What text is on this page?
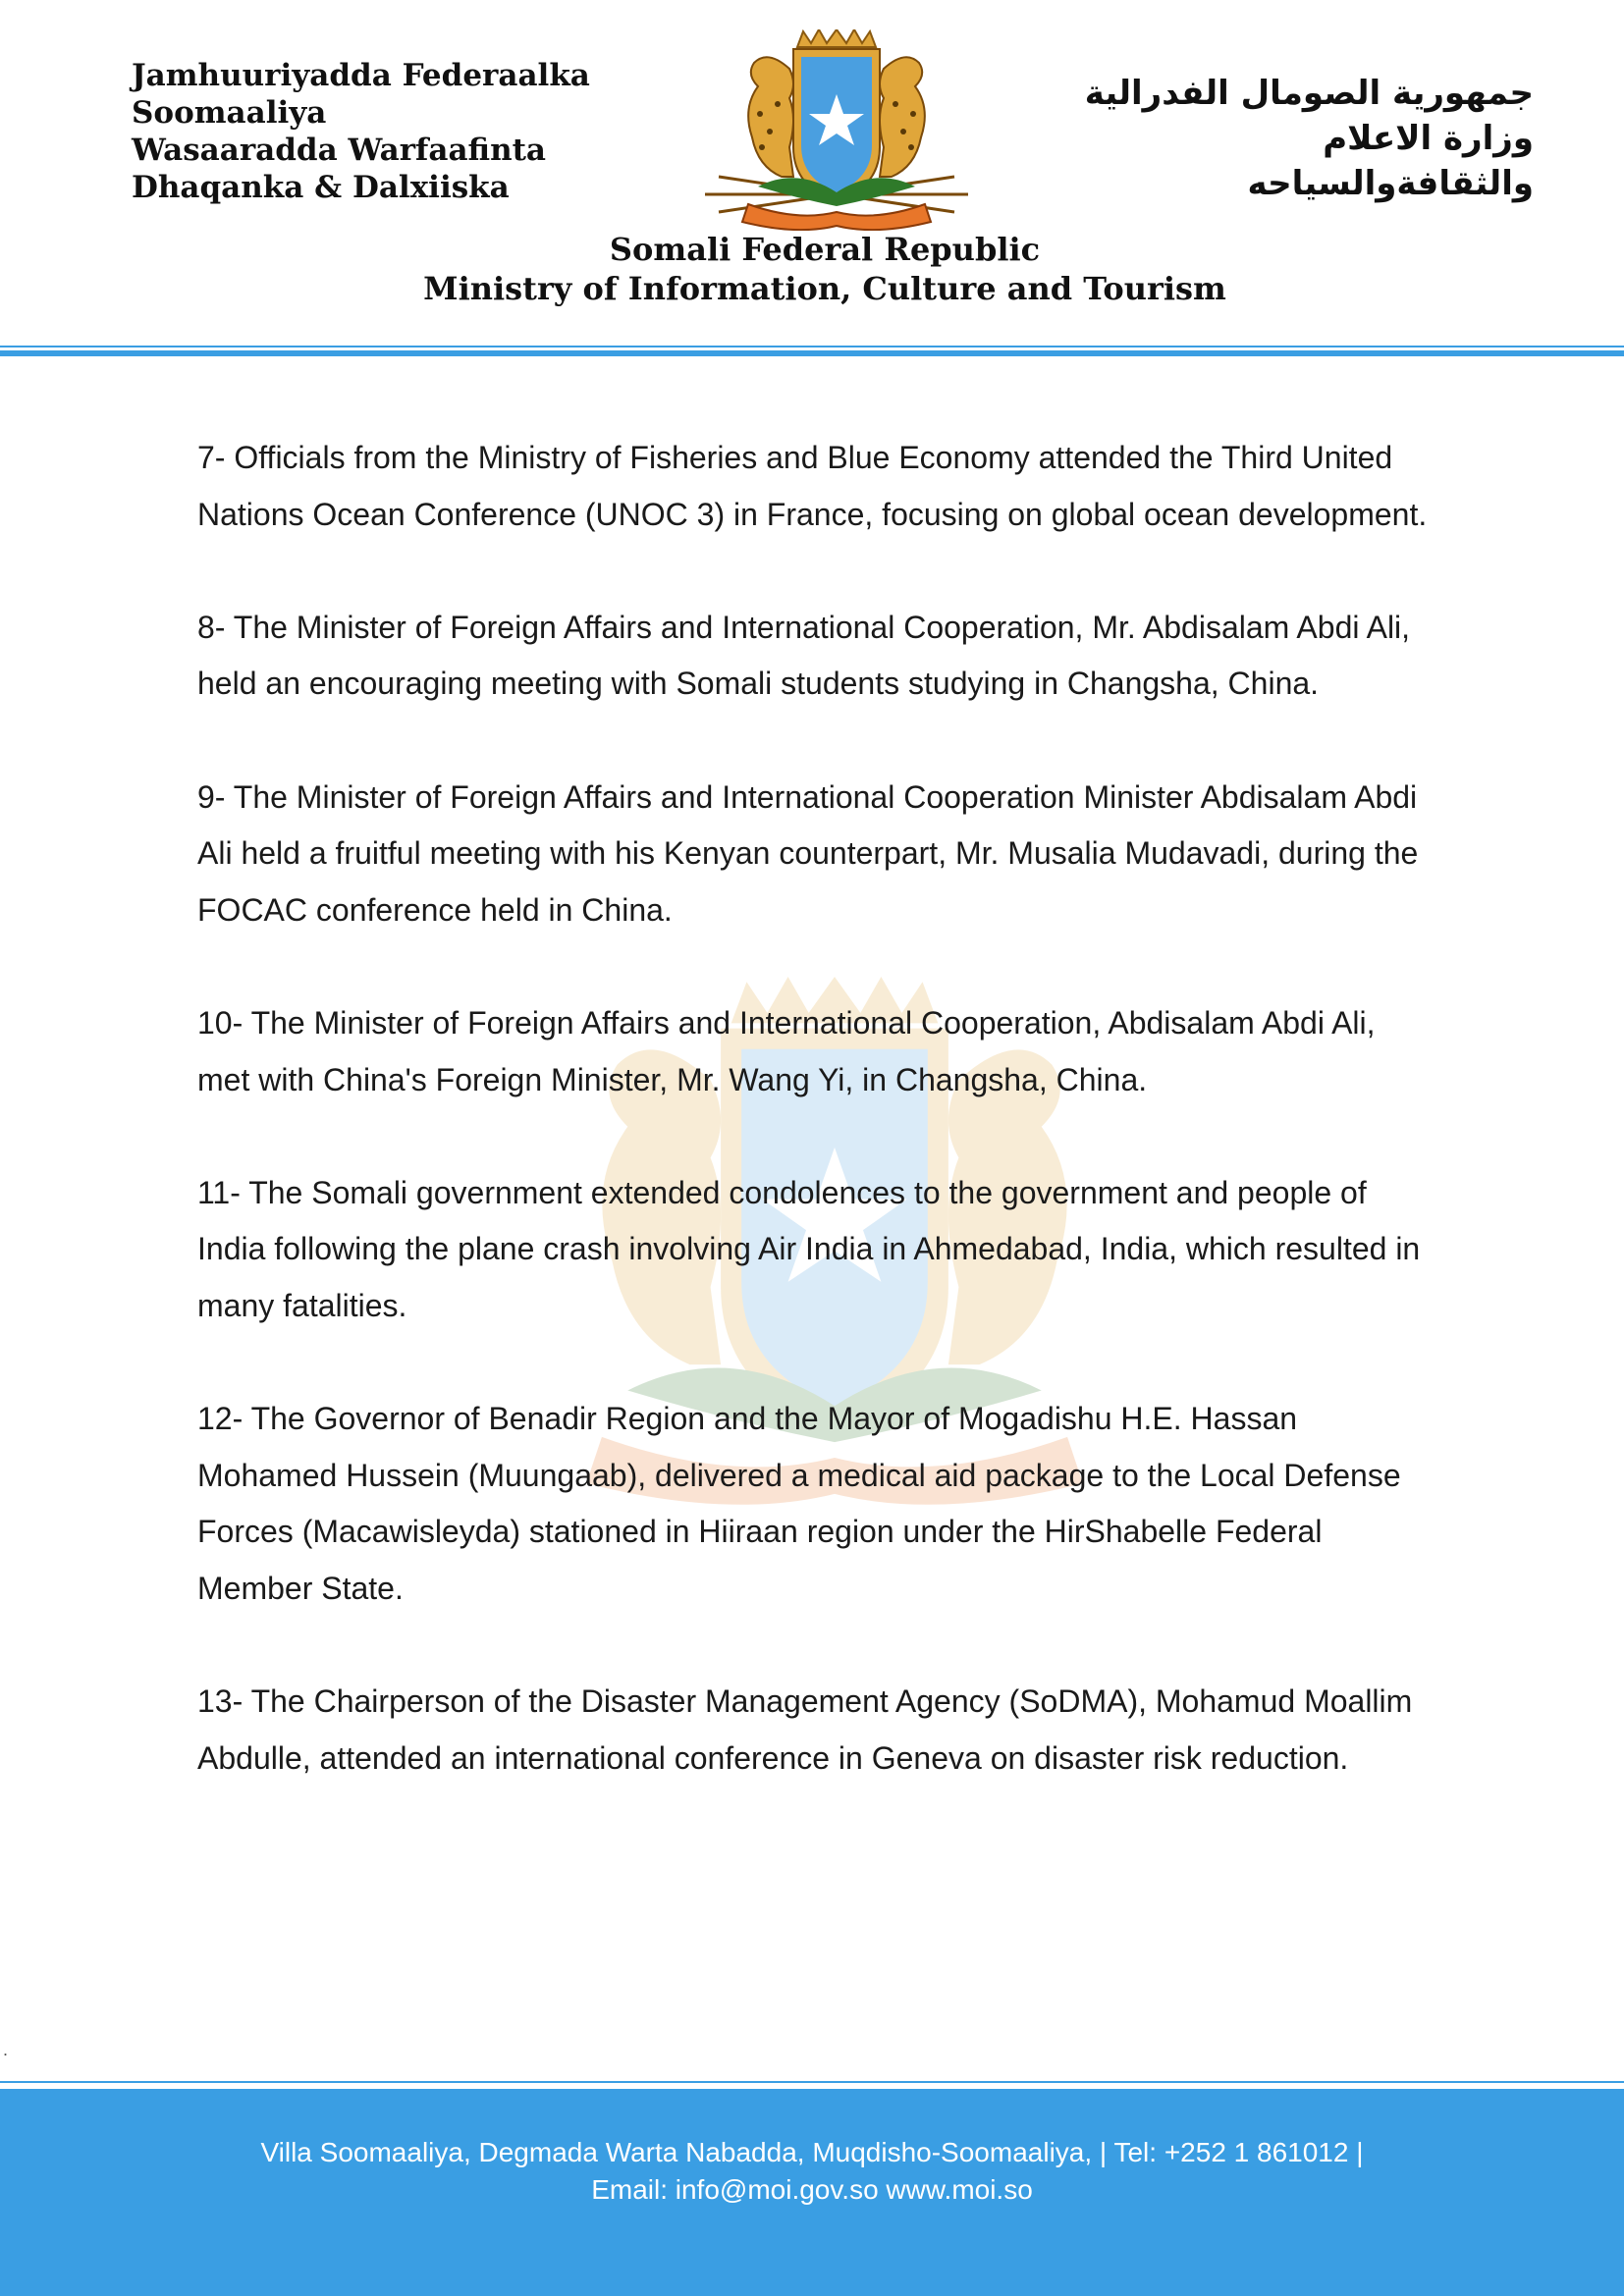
Jamhuuriyadda Federaalka
Soomaaliya
Wasaaradda Warfaafinta
Dhaqanka & Dalxiiska
جمهورية الصومال الفدرالية
وزارة الاعلام
والثقافةوالسياحه
Somali Federal Republic
Ministry of Information, Culture and Tourism

7- Officials from the Ministry of Fisheries and Blue Economy attended the Third United Nations Ocean Conference (UNOC 3) in France, focusing on global ocean development.

8- The Minister of Foreign Affairs and International Cooperation, Mr. Abdisalam Abdi Ali, held an encouraging meeting with Somali students studying in Changsha, China.

9- The Minister of Foreign Affairs and International Cooperation Minister Abdisalam Abdi Ali held a fruitful meeting with his Kenyan counterpart, Mr. Musalia Mudavadi, during the FOCAC conference held in China.

10- The Minister of Foreign Affairs and International Cooperation, Abdisalam Abdi Ali, met with China's Foreign Minister, Mr. Wang Yi, in Changsha, China.

11- The Somali government extended condolences to the government and people of India following the plane crash involving Air India in Ahmedabad, India, which resulted in many fatalities.

12- The Governor of Benadir Region and the Mayor of Mogadishu H.E. Hassan Mohamed Hussein (Muungaab), delivered a medical aid package to the Local Defense Forces (Macawisleyda) stationed in Hiiraan region under the HirShabelle Federal Member State.

13- The Chairperson of the Disaster Management Agency (SoDMA), Mohamud Moallim Abdulle, attended an international conference in Geneva on disaster risk reduction.

.
Villa Soomaaliya, Degmada Warta Nabadda, Muqdisho-Soomaaliya, | Tel: +252 1 861012 |
Email: info@moi.gov.so www.moi.so
